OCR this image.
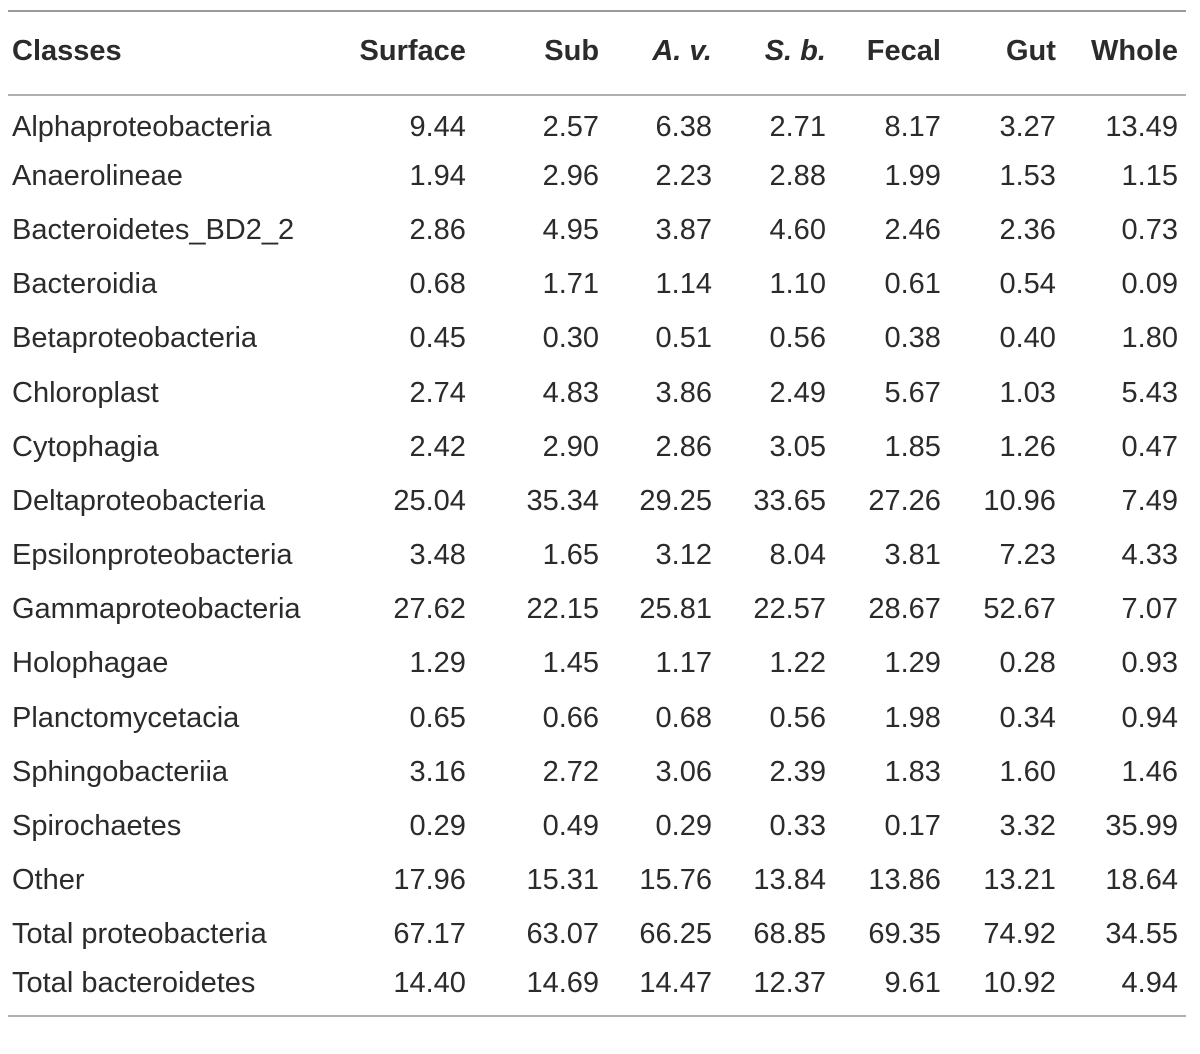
Classes	Surface	Sub	A. v.	S. b.	Fecal	Gut	Whole
Alphaproteobacteria	9.44	2.57	6.38	2.71	8.17	3.27	13.49
Anaerolineae	1.94	2.96	2.23	2.88	1.99	1.53	1.15
Bacteroidetes_BD2_2	2.86	4.95	3.87	4.60	2.46	2.36	0.73
Bacteroidia	0.68	1.71	1.14	1.10	0.61	0.54	0.09
Betaproteobacteria	0.45	0.30	0.51	0.56	0.38	0.40	1.80
Chloroplast	2.74	4.83	3.86	2.49	5.67	1.03	5.43
Cytophagia	2.42	2.90	2.86	3.05	1.85	1.26	0.47
Deltaproteobacteria	25.04	35.34	29.25	33.65	27.26	10.96	7.49
Epsilonproteobacteria	3.48	1.65	3.12	8.04	3.81	7.23	4.33
Gammaproteobacteria	27.62	22.15	25.81	22.57	28.67	52.67	7.07
Holophagae	1.29	1.45	1.17	1.22	1.29	0.28	0.93
Planctomycetacia	0.65	0.66	0.68	0.56	1.98	0.34	0.94
Sphingobacteriia	3.16	2.72	3.06	2.39	1.83	1.60	1.46
Spirochaetes	0.29	0.49	0.29	0.33	0.17	3.32	35.99
Other	17.96	15.31	15.76	13.84	13.86	13.21	18.64
Total proteobacteria	67.17	63.07	66.25	68.85	69.35	74.92	34.55
Total bacteroidetes	14.40	14.69	14.47	12.37	9.61	10.92	4.94
